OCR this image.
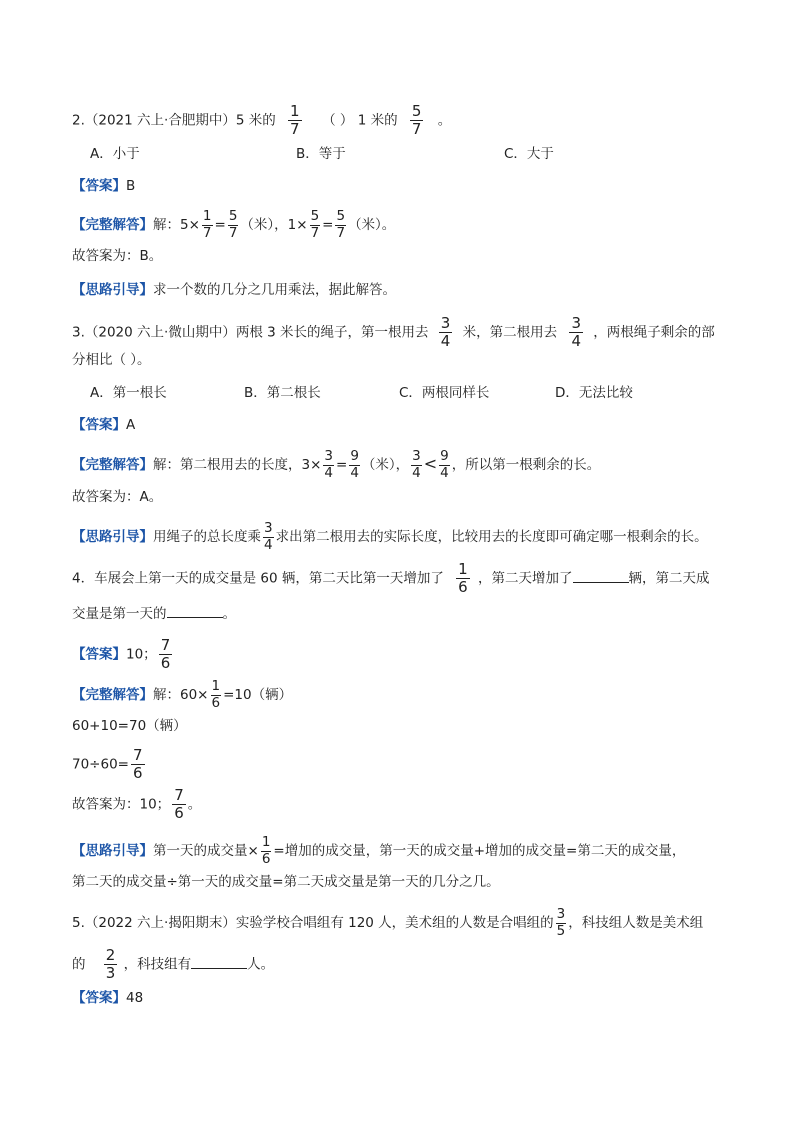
2.（2021 六上·合肥期中）5 米的 $\frac{1}{7}$ （ ） 1 米的 $\frac{5}{7}$ 。
A．小于	B．等于	C．大于
【答案】B
【完整解答】解：$5\times \frac{1}{7} = \frac{5}{7}$ （米），$1\times \frac{5}{7} = \frac{5}{7}$ （米）。
故答案为：B。
【思路引导】求一个数的几分之几用乘法，据此解答。
3.（2020 六上·微山期中）两根 3 米长的绳子，第一根用去 $\frac{3}{4}$ 米，第二根用去 $\frac{3}{4}$ ，两根绳子剩余的部
分相比（ ）。
A．第一根长	B．第二根长	C．两根同样长	D．无法比较
【答案】A
【完整解答】解：第二根用去的长度，$3\times \frac{3}{4} = \frac{9}{4}$ （米）， $\frac{3}{4} < \frac{9}{4}$ ，所以第一根剩余的长。
故答案为：A。
【思路引导】用绳子的总长度乘 $\frac{3}{4}$ 求出第二根用去的实际长度，比较用去的长度即可确定哪一根剩余的长。
4．车展会上第一天的成交量是 60 辆，第二天比第一天增加了 $\frac{1}{6}$ ，第二天增加了	辆，第二天成
交量是第一天的	。
【答案】10； $\frac{7}{6}$
【完整解答】解：$60\times \frac{1}{6} =10$（辆）
60+10=70（辆）
$70\div 60= \frac{7}{6}$
故答案为：10； $\frac{7}{6}$ 。
【思路引导】第一天的成交量× $\frac{1}{6}$ =增加的成交量，第一天的成交量+增加的成交量=第二天的成交量，
第二天的成交量÷第一天的成交量=第二天成交量是第一天的几分之几。
5.（2022 六上·揭阳期末）实验学校合唱组有 120 人，美术组的人数是合唱组的 $\frac{3}{5}$ ，科技组人数是美术组
的 $\frac{2}{3}$ ，科技组有	人。
【答案】48
